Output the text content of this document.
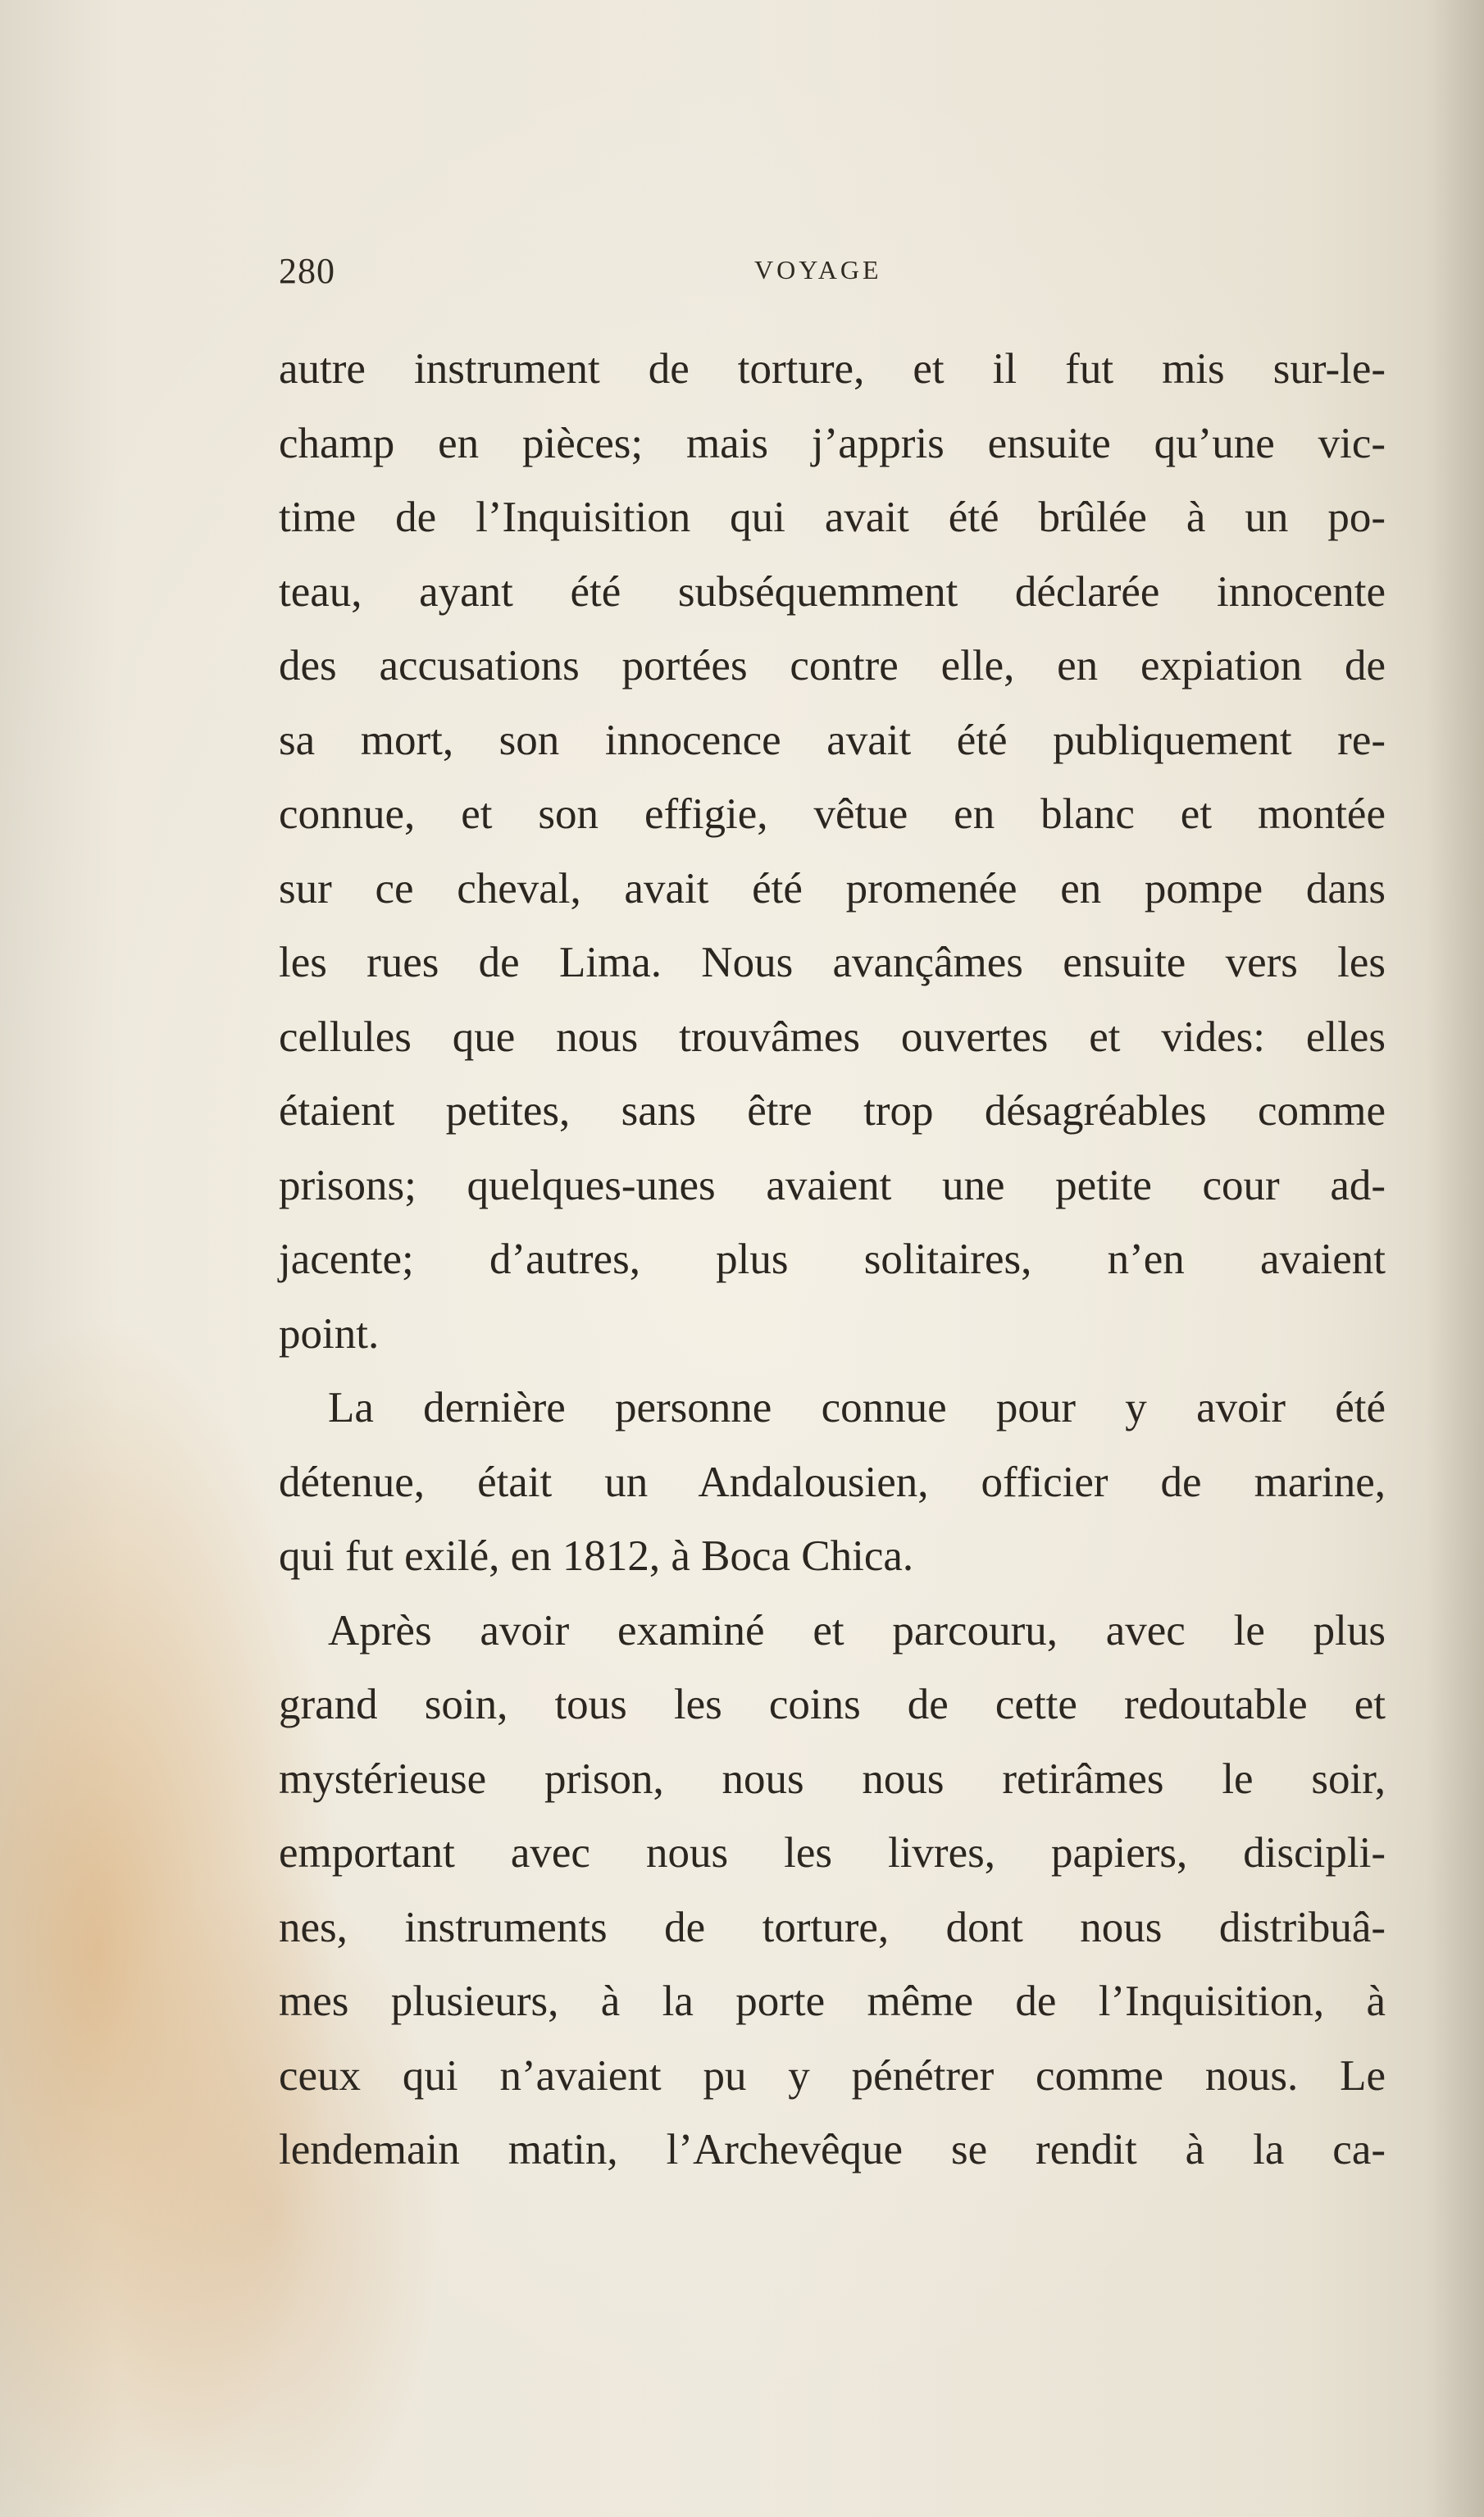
280	VOYAGE
autre instrument de torture, et il fut mis sur-le-
champ en pièces; mais j’appris ensuite qu’une vic-
time de l’Inquisition qui avait été brûlée à un po-
teau, ayant été subséquemment déclarée innocente
des accusations portées contre elle, en expiation de
sa mort, son innocence avait été publiquement re-
connue, et son effigie, vêtue en blanc et montée
sur ce cheval, avait été promenée en pompe dans
les rues de Lima. Nous avançâmes ensuite vers les
cellules que nous trouvâmes ouvertes et vides: elles
étaient petites, sans être trop désagréables comme
prisons; quelques-unes avaient une petite cour ad-
jacente; d’autres, plus solitaires, n’en avaient
point.
La dernière personne connue pour y avoir été
détenue, était un Andalousien, officier de marine,
qui fut exilé, en 1812, à Boca Chica.
Après avoir examiné et parcouru, avec le plus
grand soin, tous les coins de cette redoutable et
mystérieuse prison, nous nous retirâmes le soir,
emportant avec nous les livres, papiers, discipli-
nes, instruments de torture, dont nous distribuâ-
mes plusieurs, à la porte même de l’Inquisition, à
ceux qui n’avaient pu y pénétrer comme nous. Le
lendemain matin, l’Archevêque se rendit à la ca-
